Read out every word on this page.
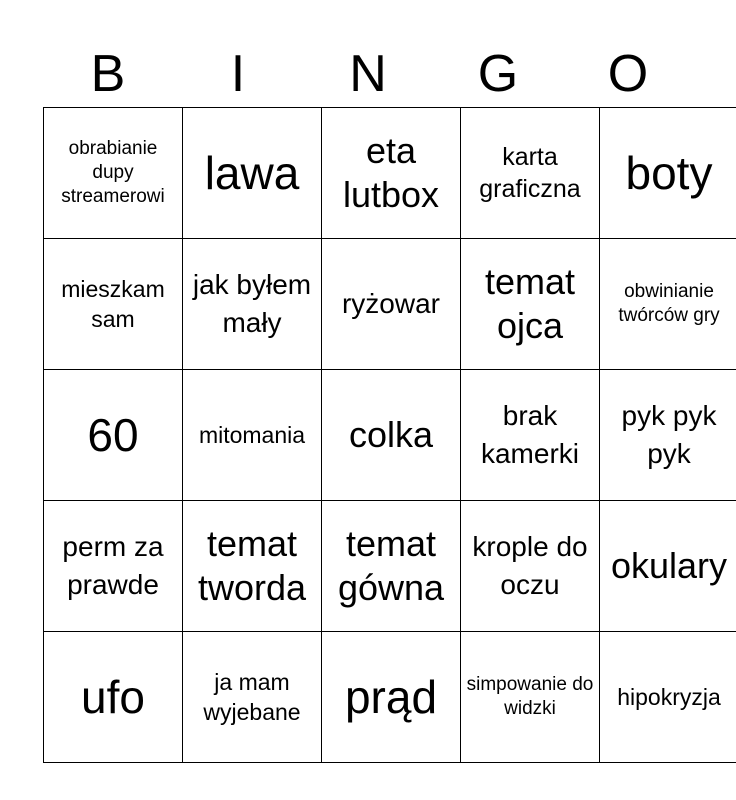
B	I	N	G	O
obrabianie dupy streamerowi	lawa	eta lutbox	karta graficzna	boty
mieszkam sam	jak byłem mały	ryżowar	temat ojca	obwinianie twórców gry
60	mitomania	colka	brak kamerki	pyk pyk pyk
perm za prawde	temat tworda	temat gówna	krople do oczu	okulary
ufo	ja mam wyjebane	prąd	simpowanie do widzki	hipokryzja
